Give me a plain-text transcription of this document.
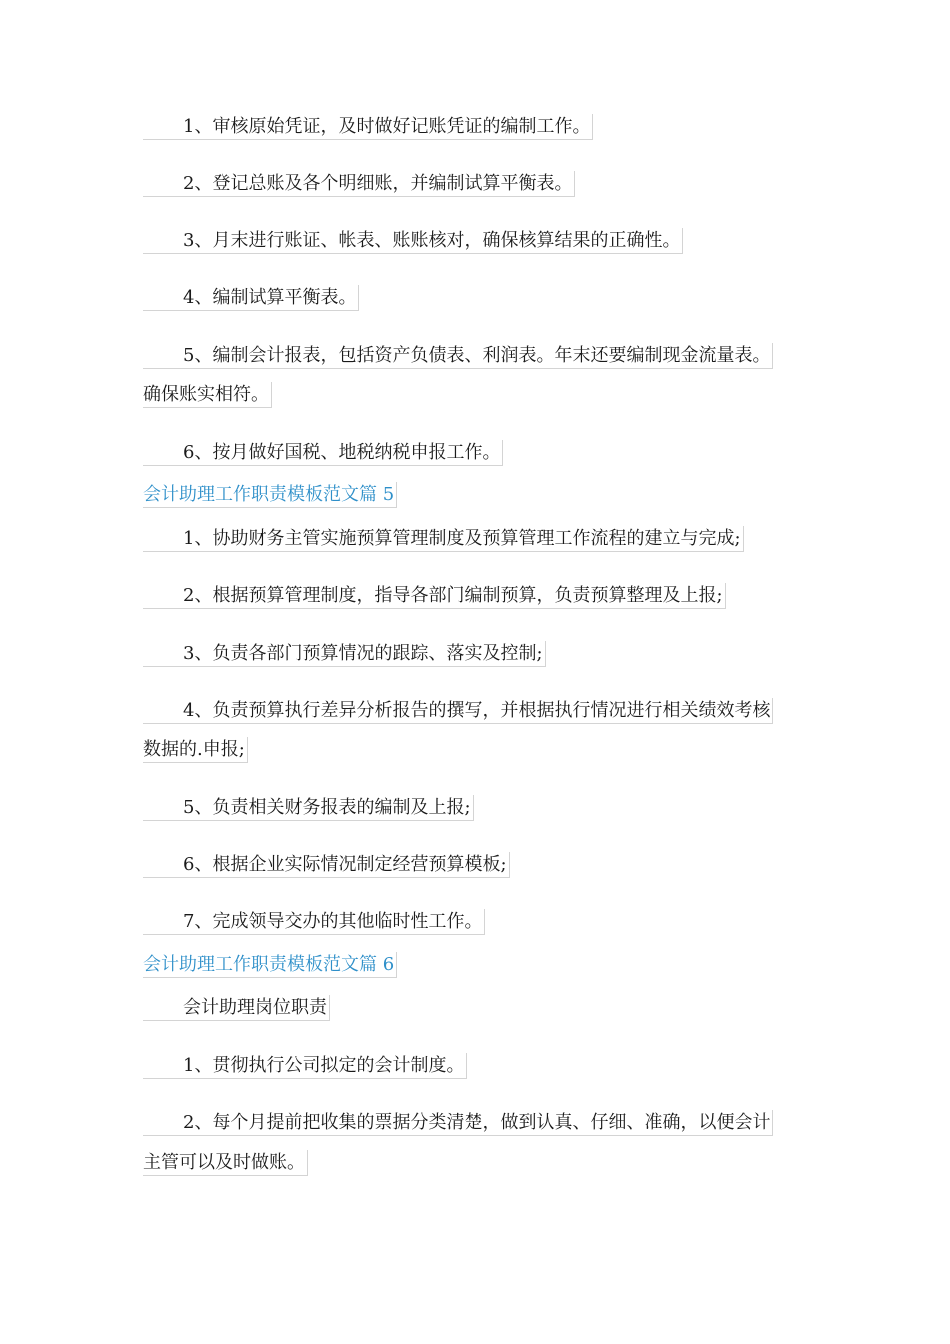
1、审核原始凭证，及时做好记账凭证的编制工作。
2、登记总账及各个明细账，并编制试算平衡表。
3、月末进行账证、帐表、账账核对，确保核算结果的正确性。
4、编制试算平衡表。
5、编制会计报表，包括资产负债表、利润表。年末还要编制现金流量表。
确保账实相符。
6、按月做好国税、地税纳税申报工作。
会计助理工作职责模板范文篇 5
1、协助财务主管实施预算管理制度及预算管理工作流程的建立与完成;
2、根据预算管理制度，指导各部门编制预算，负责预算整理及上报;
3、负责各部门预算情况的跟踪、落实及控制;
4、负责预算执行差异分析报告的撰写，并根据执行情况进行相关绩效考核
数据的.申报;
5、负责相关财务报表的编制及上报;
6、根据企业实际情况制定经营预算模板;
7、完成领导交办的其他临时性工作。
会计助理工作职责模板范文篇 6
会计助理岗位职责
1、贯彻执行公司拟定的会计制度。
2、每个月提前把收集的票据分类清楚，做到认真、仔细、准确，以便会计
主管可以及时做账。
